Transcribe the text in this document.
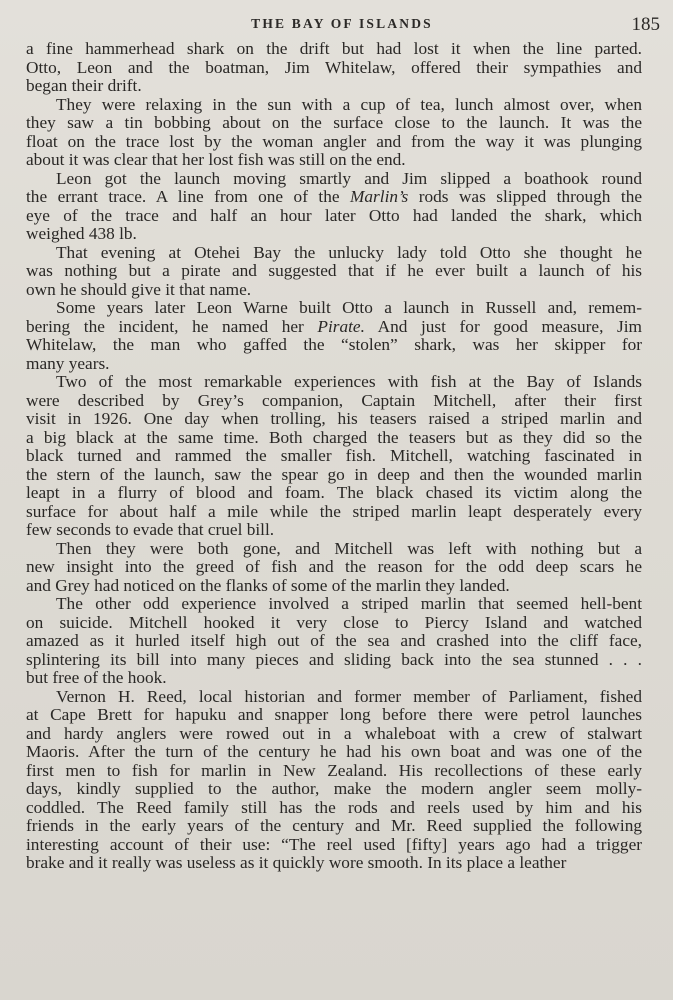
THE BAY OF ISLANDS	185
a fine hammerhead shark on the drift but had lost it when the line parted.
Otto, Leon and the boatman, Jim Whitelaw, offered their sympathies and
began their drift.
They were relaxing in the sun with a cup of tea, lunch almost over, when
they saw a tin bobbing about on the surface close to the launch. It was the
float on the trace lost by the woman angler and from the way it was plunging
about it was clear that her lost fish was still on the end.
Leon got the launch moving smartly and Jim slipped a boathook round
the errant trace. A line from one of the Marlin’s rods was slipped through the
eye of the trace and half an hour later Otto had landed the shark, which
weighed 438 lb.
That evening at Otehei Bay the unlucky lady told Otto she thought he
was nothing but a pirate and suggested that if he ever built a launch of his
own he should give it that name.
Some years later Leon Warne built Otto a launch in Russell and, remem-
bering the incident, he named her Pirate. And just for good measure, Jim
Whitelaw, the man who gaffed the “stolen” shark, was her skipper for
many years.
Two of the most remarkable experiences with fish at the Bay of Islands
were described by Grey’s companion, Captain Mitchell, after their first
visit in 1926. One day when trolling, his teasers raised a striped marlin and
a big black at the same time. Both charged the teasers but as they did so the
black turned and rammed the smaller fish. Mitchell, watching fascinated in
the stern of the launch, saw the spear go in deep and then the wounded marlin
leapt in a flurry of blood and foam. The black chased its victim along the
surface for about half a mile while the striped marlin leapt desperately every
few seconds to evade that cruel bill.
Then they were both gone, and Mitchell was left with nothing but a
new insight into the greed of fish and the reason for the odd deep scars he
and Grey had noticed on the flanks of some of the marlin they landed.
The other odd experience involved a striped marlin that seemed hell-bent
on suicide. Mitchell hooked it very close to Piercy Island and watched
amazed as it hurled itself high out of the sea and crashed into the cliff face,
splintering its bill into many pieces and sliding back into the sea stunned . . .
but free of the hook.
Vernon H. Reed, local historian and former member of Parliament, fished
at Cape Brett for hapuku and snapper long before there were petrol launches
and hardy anglers were rowed out in a whaleboat with a crew of stalwart
Maoris. After the turn of the century he had his own boat and was one of the
first men to fish for marlin in New Zealand. His recollections of these early
days, kindly supplied to the author, make the modern angler seem molly-
coddled. The Reed family still has the rods and reels used by him and his
friends in the early years of the century and Mr. Reed supplied the following
interesting account of their use: “The reel used [fifty] years ago had a trigger
brake and it really was useless as it quickly wore smooth. In its place a leather
